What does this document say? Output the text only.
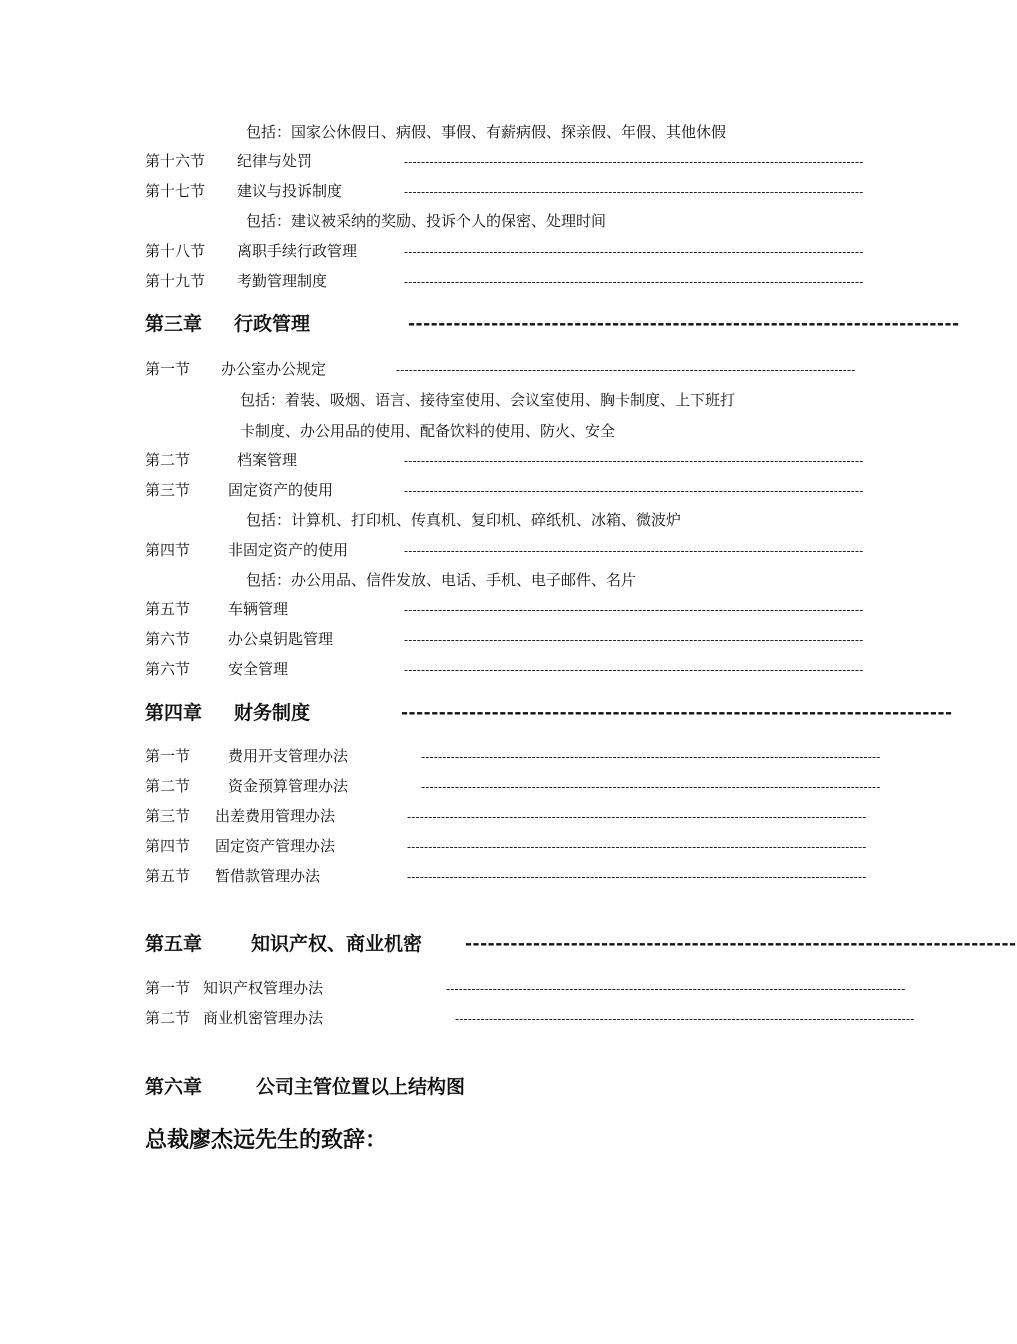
包括：国家公休假日、病假、事假、有薪病假、探亲假、年假、其他休假
第十六节 纪律与处罚	------------------------------------------------------------------------------------------------------------
第十七节 建议与投诉制度	------------------------------------------------------------------------------------------------------------
包括：建议被采纳的奖励、投诉个人的保密、处理时间
第十八节 离职手续行政管理	------------------------------------------------------------------------------------------------------------
第十九节 考勤管理制度	------------------------------------------------------------------------------------------------------------
第三章 行政管理	-------------------------------------------------------------------------
第一节 办公室办公规定	------------------------------------------------------------------------------------------------------------
包括：着装、吸烟、语言、接待室使用、会议室使用、胸卡制度、上下班打
卡制度、办公用品的使用、配备饮料的使用、防火、安全
第二节	档案管理	------------------------------------------------------------------------------------------------------------
第三节	固定资产的使用	------------------------------------------------------------------------------------------------------------
包括：计算机、打印机、传真机、复印机、碎纸机、冰箱、微波炉
第四节	非固定资产的使用	------------------------------------------------------------------------------------------------------------
包括：办公用品、信件发放、电话、手机、电子邮件、名片
第五节	车辆管理	------------------------------------------------------------------------------------------------------------
第六节	办公桌钥匙管理	------------------------------------------------------------------------------------------------------------
第六节	安全管理	------------------------------------------------------------------------------------------------------------
第四章 财务制度	-------------------------------------------------------------------------
第一节	费用开支管理办法	------------------------------------------------------------------------------------------------------------
第二节	资金预算管理办法	------------------------------------------------------------------------------------------------------------
第三节 出差费用管理办法	------------------------------------------------------------------------------------------------------------
第四节 固定资产管理办法	------------------------------------------------------------------------------------------------------------
第五节 暂借款管理办法	------------------------------------------------------------------------------------------------------------
第五章	知识产权、商业机密	-------------------------------------------------------------------------
第一节 知识产权管理办法	------------------------------------------------------------------------------------------------------------
第二节 商业机密管理办法	------------------------------------------------------------------------------------------------------------
第六章	公司主管位置以上结构图
总裁廖杰远先生的致辞：
